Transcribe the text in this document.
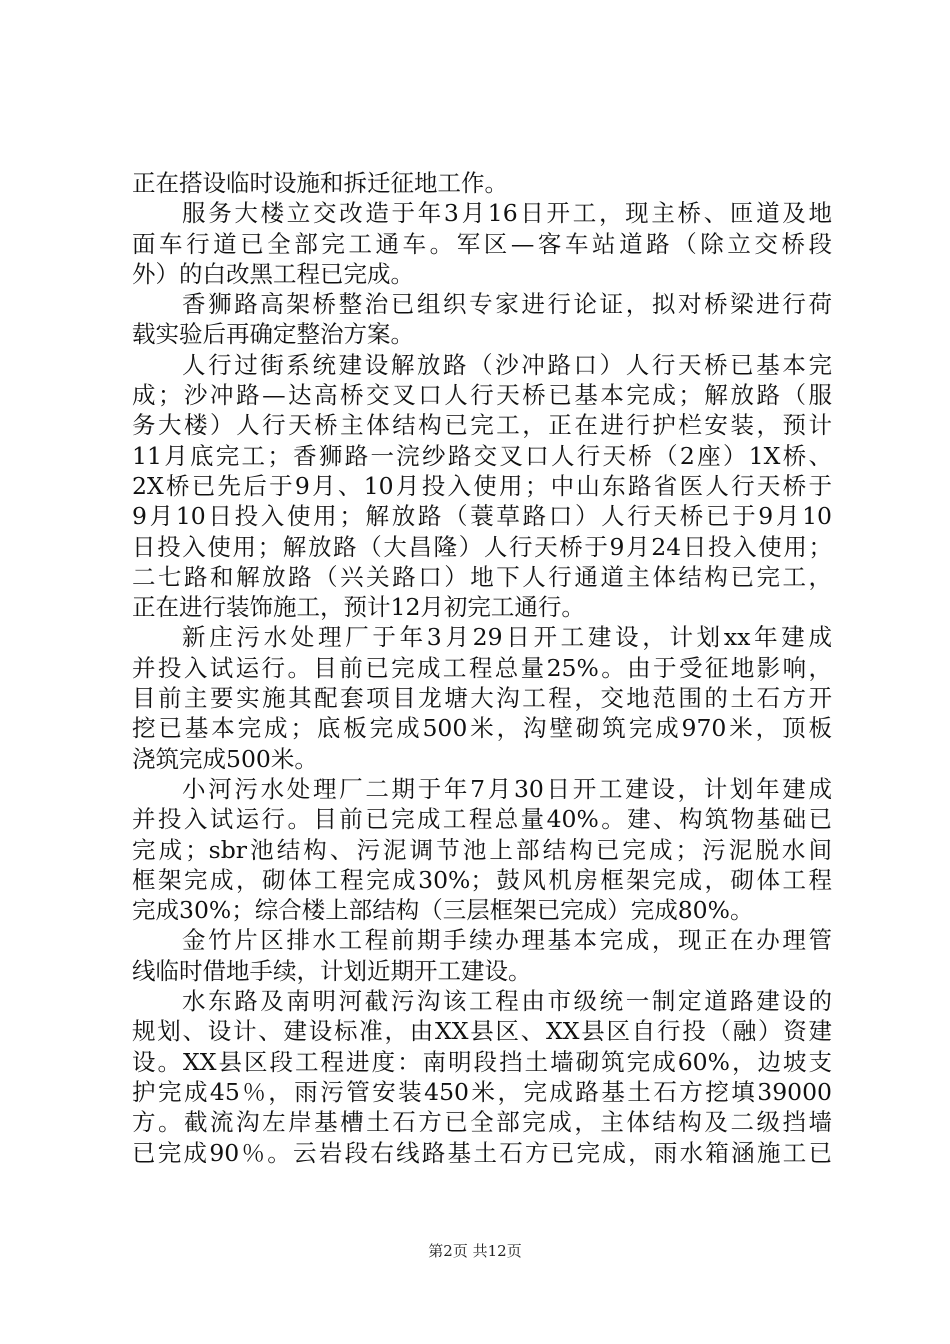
正在搭设临时设施和拆迁征地工作。
服务大楼立交改造于年3月16日开工，现主桥、匝道及地
面车行道已全部完工通车。军区—客车站道路（除立交桥段
外）的白改黑工程已完成。
香狮路高架桥整治已组织专家进行论证，拟对桥梁进行荷
载实验后再确定整治方案。
人行过街系统建设解放路（沙冲路口）人行天桥已基本完
成；沙冲路—达高桥交叉口人行天桥已基本完成；解放路（服
务大楼）人行天桥主体结构已完工，正在进行护栏安装，预计
11月底完工；香狮路一浣纱路交叉口人行天桥（2座）1X桥、
2X桥已先后于9月、10月投入使用；中山东路省医人行天桥于
9月10日投入使用；解放路（蓑草路口）人行天桥已于9月10
日投入使用；解放路（大昌隆）人行天桥于9月24日投入使用；
二七路和解放路（兴关路口）地下人行通道主体结构已完工，
正在进行装饰施工，预计12月初完工通行。
新庄污水处理厂于年3月29日开工建设，计划xx年建成
并投入试运行。目前已完成工程总量25%。由于受征地影响，
目前主要实施其配套项目龙塘大沟工程，交地范围的土石方开
挖已基本完成；底板完成500米，沟壁砌筑完成970米，顶板
浇筑完成500米。
小河污水处理厂二期于年7月30日开工建设，计划年建成
并投入试运行。目前已完成工程总量40%。建、构筑物基础已
完成；sbr池结构、污泥调节池上部结构已完成；污泥脱水间
框架完成，砌体工程完成30%；鼓风机房框架完成，砌体工程
完成30%；综合楼上部结构（三层框架已完成）完成80%。
金竹片区排水工程前期手续办理基本完成，现正在办理管
线临时借地手续，计划近期开工建设。
水东路及南明河截污沟该工程由市级统一制定道路建设的
规划、设计、建设标准，由XX县区、XX县区自行投（融）资建
设。XX县区段工程进度：南明段挡土墙砌筑完成60%，边坡支
护完成45％，雨污管安装450米，完成路基土石方挖填39000
方。截流沟左岸基槽土石方已全部完成，主体结构及二级挡墙
已完成90％。云岩段右线路基土石方已完成，雨水箱涵施工已
第2页 共12页
